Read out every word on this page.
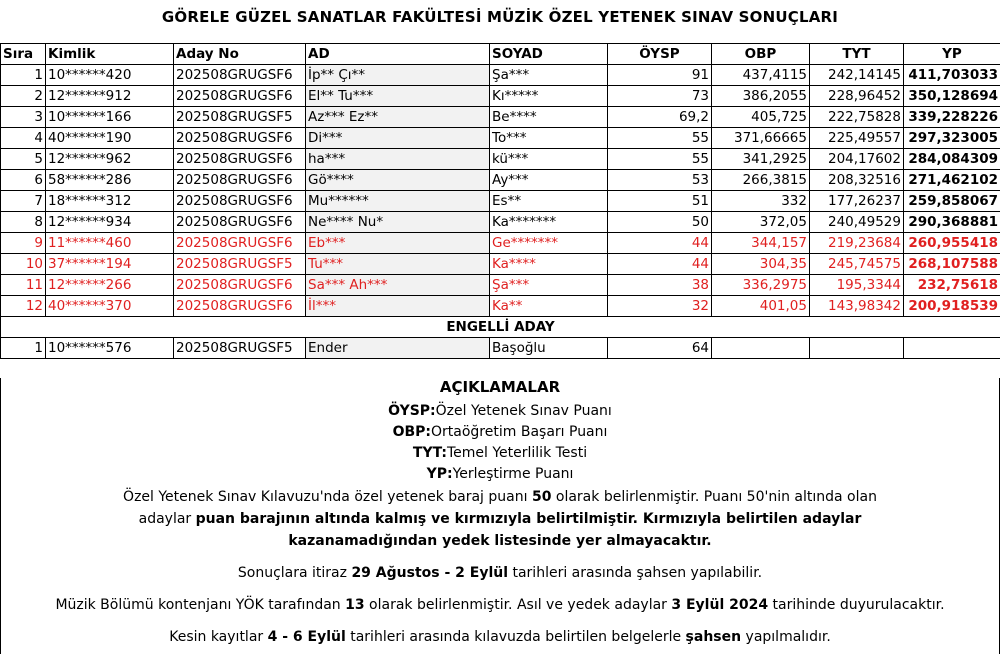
GÖRELE GÜZEL SANATLAR FAKÜLTESİ MÜZİK ÖZEL YETENEK SINAV SONUÇLARI
Sıra	Kimlik	Aday No	AD	SOYAD	ÖYSP	OBP	TYT	YP
1	10******420	202508GRUGSF6	İp** Çı**	Şa***	91	437,4115	242,14145	411,703033
2	12******912	202508GRUGSF6	El** Tu***	Kı*****	73	386,2055	228,96452	350,128694
3	10******166	202508GRUGSF5	Az*** Ez**	Be****	69,2	405,725	222,75828	339,228226
4	40******190	202508GRUGSF6	Di***	To***	55	371,66665	225,49557	297,323005
5	12******962	202508GRUGSF6	ha***	kü***	55	341,2925	204,17602	284,084309
6	58******286	202508GRUGSF6	Gö****	Ay***	53	266,3815	208,32516	271,462102
7	18******312	202508GRUGSF6	Mu******	Es**	51	332	177,26237	259,858067
8	12******934	202508GRUGSF6	Ne**** Nu*	Ka*******	50	372,05	240,49529	290,368881
9	11******460	202508GRUGSF6	Eb***	Ge*******	44	344,157	219,23684	260,955418
10	37******194	202508GRUGSF5	Tu***	Ka****	44	304,35	245,74575	268,107588
11	12******266	202508GRUGSF6	Sa*** Ah***	Şa***	38	336,2975	195,3344	232,75618
12	40******370	202508GRUGSF6	İl***	Ka**	32	401,05	143,98342	200,918539
ENGELLİ ADAY								
1	10******576	202508GRUGSF5	Ender	Başoğlu	64			
AÇIKLAMALAR
ÖYSP:Özel Yetenek Sınav Puanı
OBP:Ortaöğretim Başarı Puanı
TYT:Temel Yeterlilik Testi
YP:Yerleştirme Puanı
Özel Yetenek Sınav Kılavuzu'nda özel yetenek baraj puanı 50 olarak belirlenmiştir. Puanı 50'nin altında olan
adaylar puan barajının altında kalmış ve kırmızıyla belirtilmiştir. Kırmızıyla belirtilen adaylar
kazanamadığından yedek listesinde yer almayacaktır.
Sonuçlara itiraz 29 Ağustos - 2 Eylül tarihleri arasında şahsen yapılabilir.
Müzik Bölümü kontenjanı YÖK tarafından 13 olarak belirlenmiştir. Asıl ve yedek adaylar 3 Eylül 2024 tarihinde duyurulacaktır.
Kesin kayıtlar 4 - 6 Eylül tarihleri arasında kılavuzda belirtilen belgelerle şahsen yapılmalıdır.
